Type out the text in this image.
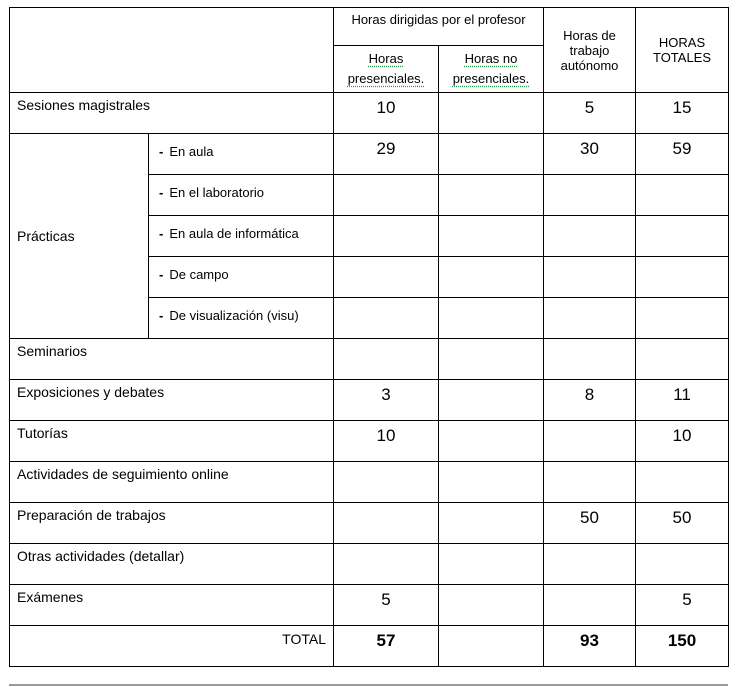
		Horas dirigidas por el profesor		Horas de trabajo autónomo	HORAS TOTALES
		Horas presenciales.	Horas no presenciales.		
Sesiones magistrales		10		5	15
Prácticas	- En aula	29		30	59
	- En el laboratorio				
	- En aula de informática				
	- De campo				
	- De visualización (visu)				
Seminarios					
Exposiciones y debates		3		8	11
Tutorías		10			10
Actividades de seguimiento online					
Preparación de trabajos				50	50
Otras actividades (detallar)					
Exámenes		5			5
TOTAL		57		93	150
